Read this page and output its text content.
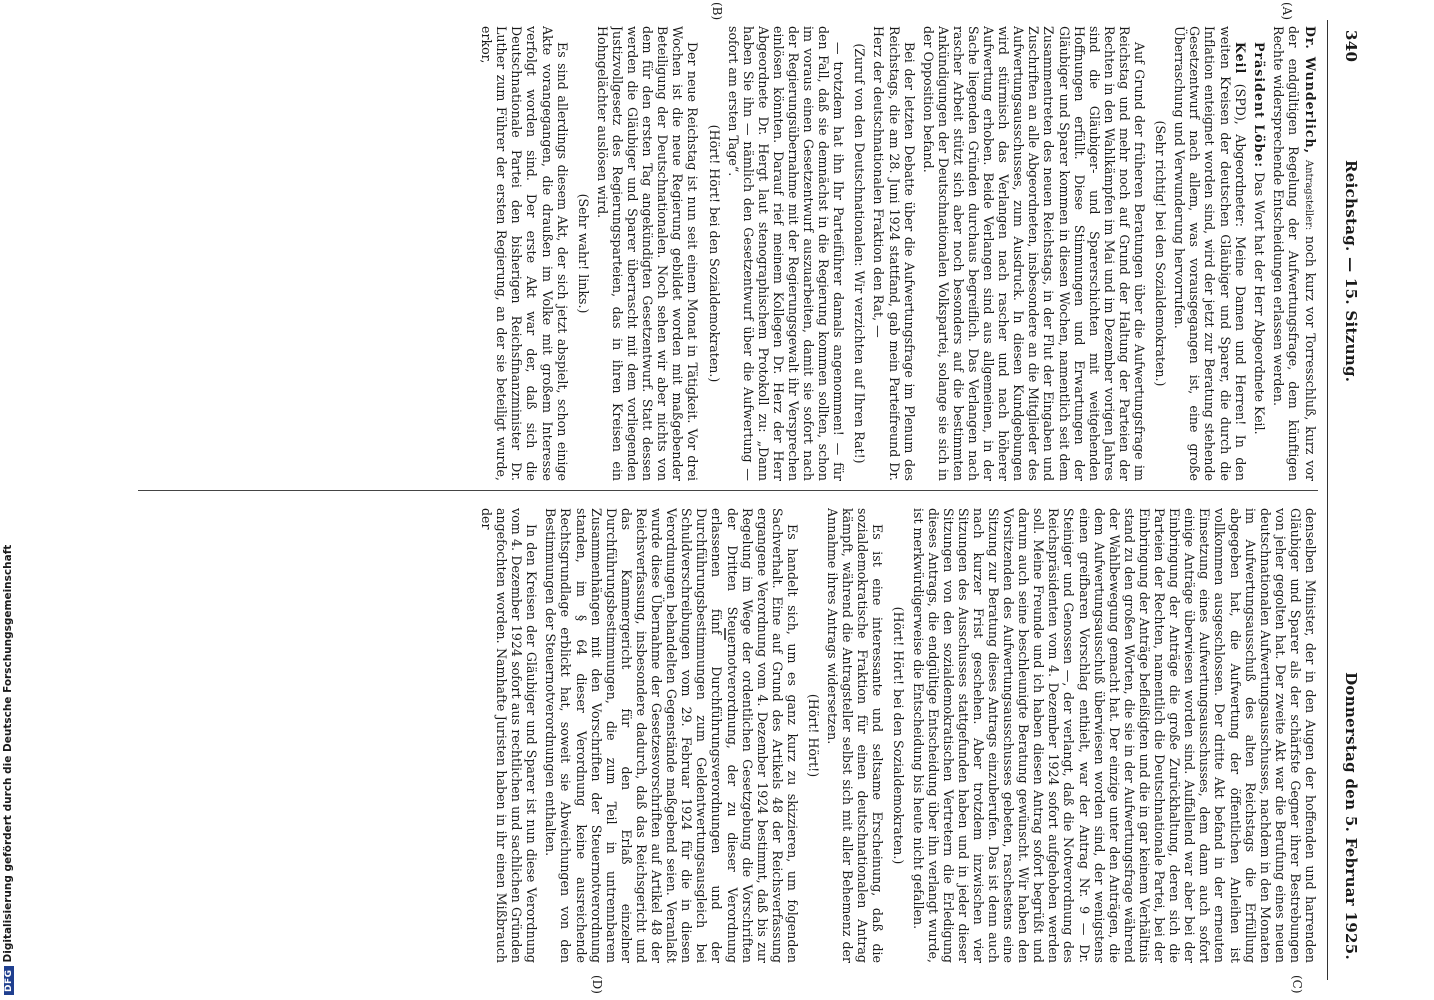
DFGDigitalisierung gefördert durch die Deutsche Forschungsgemeinschaft
340
Reichstag. — 15. Sitzung.
Donnerstag den 5. Februar 1925.
(A)
(B)
(C)
(D)

Dr. Wunderlich, Antragsteller: noch kurz vor Torresschluß, kurz vor der endgültigen Regelung der Aufwertungsfrage, dem künftigen Rechte widersprechende Entscheidungen erlassen werden.

Präsident Löbe: Das Wort hat der Herr Abgeordnete Keil.

Keil (SPD), Abgeordneter: Meine Damen und Herren! In den weiten Kreisen der deutschen Gläubiger und Sparer, die durch die Inflation enteignet worden sind, wird der jetzt zur Beratung stehende Gesetzentwurf nach allem, was vorausgegangen ist, eine große Überraschung und Verwunderung hervorrufen.

(Sehr richtig! bei den Sozialdemokraten.)

Auf Grund der früheren Beratungen über die Aufwertungsfrage im Reichstag und mehr noch auf Grund der Haltung der Parteien der Rechten in den Wahlkämpfen im Mai und im Dezember vorigen Jahres sind die Gläubiger- und Sparerschichten mit weitgehenden Hoffnungen erfüllt. Diese Stimmungen und Erwartungen der Gläubiger und Sparer kommen in diesen Wochen, namentlich seit dem Zusammentreten des neuen Reichstags, in der Flut der Eingaben und Zuschriften an alle Abgeordneten, insbesondere an die Mitglieder des Aufwertungsausschusses, zum Ausdruck. In diesen Kundgebungen wird stürmisch das Verlangen nach rascher und nach höherer Aufwertung erhoben. Beide Verlangen sind aus allgemeinen, in der Sache liegenden Gründen durchaus begreiflich. Das Verlangen nach rascher Arbeit stützt sich aber noch besonders auf die bestimmten Ankündigungen der Deutschnationalen Volkspartei, solange sie sich in der Opposition befand.

Bei der letzten Debatte über die Aufwertungsfrage im Plenum des Reichstags, die am 28. Juni 1924 stattfand, gab mein Parteifreund Dr. Herz der deutschnationalen Fraktion den Rat, —

(Zuruf von den Deutschnationalen: Wir verzichten auf Ihren Rat!)

— trotzdem hat ihn Ihr Parteiführer damals angenommen! — für den Fall, daß sie demnächst in die Regierung kommen sollten, schon im voraus einen Gesetzentwurf auszuarbeiten, damit sie sofort nach der Regierungsübernahme mit der Regierungsgewalt ihr Versprechen einlösen könnten. Darauf rief meinem Kollegen Dr. Herz der Herr Abgeordnete Dr. Hergt laut stenographischem Protokoll zu: „Dann haben Sie ihn — nämlich den Gesetzentwurf über die Aufwertung — sofort am ersten Tage“.

(Hört! Hört! bei den Sozialdemokraten.)

Der neue Reichstag ist nun seit einem Monat in Tätigkeit. Vor drei Wochen ist die neue Regierung gebildet worden mit maßgebender Beteiligung der Deutschnationalen. Noch sehen wir aber nichts von dem für den ersten Tag angekündigten Gesetzentwurf. Statt dessen werden die Gläubiger und Sparer überrascht mit dem vorliegenden Justizvollgesetz des Regierungsparteien, das in ihren Kreisen ein Hohngelächter auslösen wird.

(Sehr wahr! links.)

Es sind allerdings diesem Akt, der sich jetzt abspielt, schon einige Akte vorangegangen, die draußen im Volke mit großem Interesse verfolgt worden sind. Der erste Akt war der, daß sich die Deutschnationale Partei den bisherigen Reichsfinanzminister Dr. Luther zum Führer der ersten Regierung, an der sie beteiligt wurde, erkor,

denselben Minister, der in den Augen der hoffenden und harrenden Gläubiger und Sparer als der schärfste Gegner ihrer Bestrebungen von jeher gegolten hat. Der zweite Akt war die Berufung eines neuen deutschnationalen Aufwertungsausschusses, nachdem in den Monaten im Aufwertungsausschuß des alten Reichstags die Erfüllung abgegeben hat, die Aufwertung der öffentlichen Anleihen ist vollkommen ausgeschlossen. Der dritte Akt befand in der erneuten Einsetzung eines Aufwertungsausschusses, dem dann auch sofort einige Anträge überwiesen worden sind. Auffallend war aber bei der Einbringung der Anträge die große Zurückhaltung, deren sich die Parteien der Rechten, namentlich die Deutschnationale Partei, bei der Einbringung der Anträge befleißigten und die in gar keinem Verhältnis stand zu den großen Worten, die sie in der Aufwertungsfrage während der Wahlbewegung gemacht hat. Der einzige unter den Anträgen, die dem Aufwertungsausschuß überwiesen worden sind, der wenigstens einen greifbaren Vorschlag enthielt, war der Antrag Nr. 9 — Dr. Steiniger und Genossen —, der verlangt, daß die Notverordnung des Reichspräsidenten vom 4. Dezember 1924 sofort aufgehoben werden soll. Meine Freunde und ich haben diesen Antrag sofort begrüßt und darum auch seine beschleunigte Beratung gewünscht. Wir haben den Vorsitzenden des Aufwertungsausschusses gebeten, raschestens eine Sitzung zur Beratung dieses Antrags einzuberufen. Das ist denn auch nach kurzer Frist geschehen. Aber trotzdem inzwischen vier Sitzungen des Ausschusses stattgefunden haben und in jeder dieser Sitzungen von den sozialdemokratischen Vertretern die Erledigung dieses Antrags, die endgültige Entscheidung über ihn verlangt wurde, ist merkwürdigerweise die Entscheidung bis heute nicht gefallen.

(Hört! Hört! bei den Sozialdemokraten.)

Es ist eine interessante und seltsame Erscheinung, daß die sozialdemokratische Fraktion für einen deutschnationalen Antrag kämpft, während die Antragsteller selbst sich mit aller Behemenz der Annahme ihres Antrags widersetzen.

(Hört! Hört!)

Es handelt sich, um es ganz kurz zu skizzieren, um folgenden Sachverhalt. Eine auf Grund des Artikels 48 der Reichsverfassung ergangene Verordnung vom 4. Dezember 1924 bestimmt, daß bis zur Regelung im Wege der ordentlichen Gesetzgebung die Vorschriften der Dritten Steuernotverordnung, der zu dieser Verordnung erlassenen fünf Durchführungsverordnungen und der Durchführungsbestimmungen zum Geldentwertungsausgleich bei Schuldverschreibungen vom 29. Februar 1924 für die in diesen Verordnungen behandelten Gegenstände maßgebend seien. Veranlaßt wurde diese Übernahme der Gesetzesvorschriften auf Artikel 48 der Reichsverfassung, insbesondere dadurch, daß das Reichsgericht und das Kammergericht für den Erlaß einzelner Durchführungsbestimmungen, die zum Teil in untrennbarem Zusammenhängen mit den Vorschriften der Steuernotverordnung standen, im § 64 dieser Verordnung keine ausreichende Rechtsgrundlage erblickt hat, soweit sie Abweichungen von den Bestimmungen der Steuernotverordnungen enthalten.

In den Kreisen der Gläubiger und Sparer ist nun diese Verordnung vom 4. Dezember 1924 sofort aus rechtlichen und sachlichen Gründen angefochten worden. Namhafte Juristen haben in ihr einen Mißbrauch der
